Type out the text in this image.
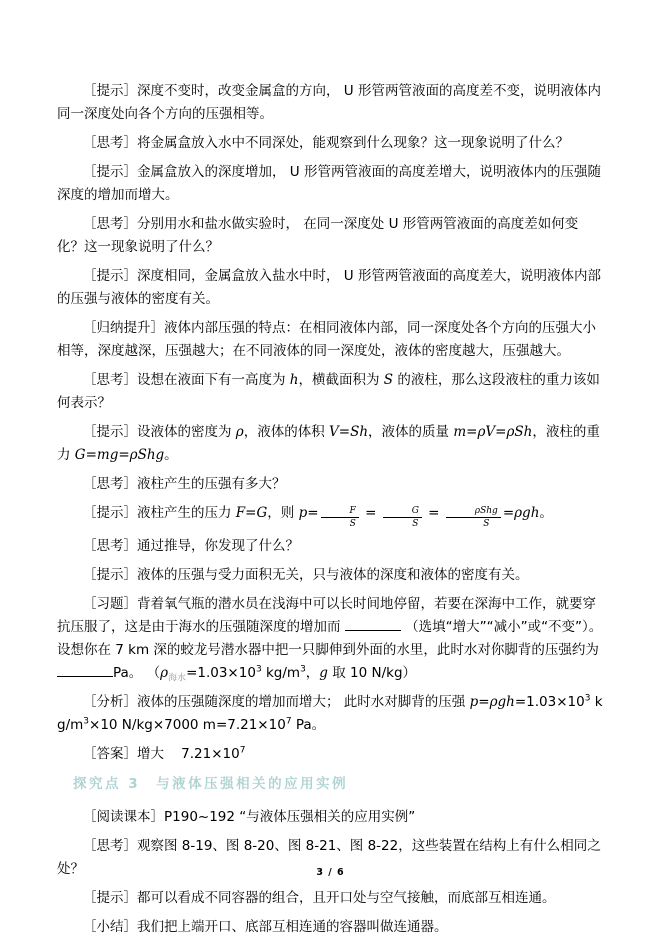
［提示］深度不变时，改变金属盒的方向， U 形管两管液面的高度差不变，说明液体内同一深度处向各个方向的压强相等。

［思考］将金属盒放入水中不同深处，能观察到什么现象？这一现象说明了什么？

［提示］金属盒放入的深度增加， U 形管两管液面的高度差增大，说明液体内的压强随深度的增加而增大。

［思考］分别用水和盐水做实验时， 在同一深度处 U 形管两管液面的高度差如何变化？这一现象说明了什么？

［提示］深度相同，金属盒放入盐水中时， U 形管两管液面的高度差大，说明液体内部的压强与液体的密度有关。

［归纳提升］液体内部压强的特点：在相同液体内部，同一深度处各个方向的压强大小相等，深度越深，压强越大；在不同液体的同一深度处，液体的密度越大，压强越大。

［思考］设想在液面下有一高度为 h，横截面积为 S 的液柱，那么这段液柱的重力该如何表示？

［提示］设液体的密度为 ρ，液体的体积 V=Sh，液体的质量 m=ρV=ρSh，液柱的重力 G=mg=ρShg。

［思考］液柱产生的压强有多大？

［提示］液柱产生的压力 F=G，则 $p= \frac{F}{S} = \frac{G}{S} = \frac{\text{ρShg}}{S} =\rho gh$。

［思考］通过推导，你发现了什么？

［提示］液体的压强与受力面积无关，只与液体的深度和液体的密度有关。

［习题］背着氧气瓶的潜水员在浅海中可以长时间地停留，若要在深海中工作，就要穿抗压服了，这是由于海水的压强随深度的增加而	（选填“增大”“减小”或“不变”）。 设想你在 7 km 深的蛟龙号潜水器中把一只脚伸到外面的水里，此时水对你脚背的压强约为 Pa。 （$\rho_{海水}=1.03\times 10^3$ $kg/m^3$，g 取 10 N/kg）

［分析］液体的压强随深度的增加而增大； 此时水对脚背的压强 $p=\rho gh=1.03\times 10^3$ $kg/m^3\times 10$ N/kg×7000 $m=7.21\times 10^7$ Pa。

［答案］增大    $7.21\times 10^7$

探究点 3　与液体压强相关的应用实例

［阅读课本］P190~192 “与液体压强相关的应用实例”

［思考］观察图 8-19、图 8-20、图 8-21、图 8-22，这些装置在结构上有什么相同之处？

［提示］都可以看成不同容器的组合，且开口处与空气接触，而底部互相连通。

［小结］我们把上端开口、底部互相连通的容器叫做连通器。

3 / 6
